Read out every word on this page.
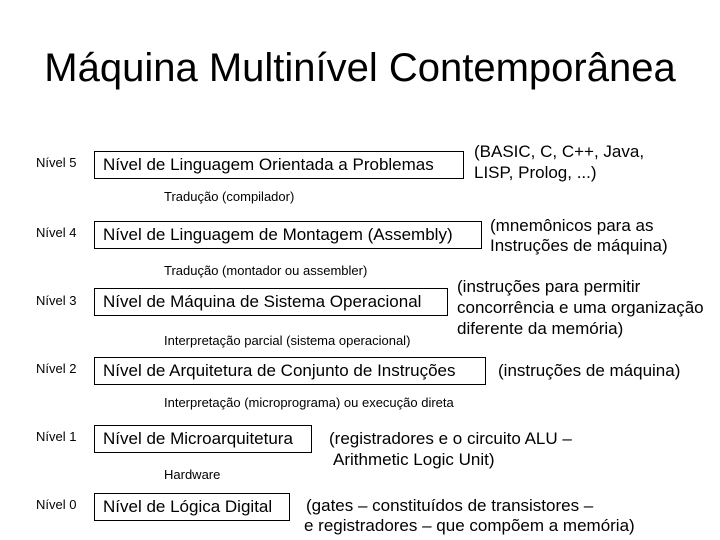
Máquina Multinível Contemporânea
Nível 5	Nível de Linguagem Orientada a Problemas
(BASIC, C, C++, Java,
LISP, Prolog, ...)
Tradução (compilador)
Nível 4	Nível de Linguagem de Montagem (Assembly)	(mnemônicos para as
Instruções de máquina)
Tradução (montador ou assembler)
Nível 3	Nível de Máquina de Sistema Operacional
(instruções para permitir
concorrência e uma organização
diferente da memória)
Interpretação parcial (sistema operacional)
Nível 2	Nível de Arquitetura de Conjunto de Instruções	(instruções de máquina)
Interpretação (microprograma) ou execução direta
Nível 1	Nível de Microarquitetura	(registradores e o circuito ALU –
Arithmetic Logic Unit)
Hardware
Nível 0	Nível de Lógica Digital	(gates – constituídos de transistores –
e registradores – que compõem a memória)
